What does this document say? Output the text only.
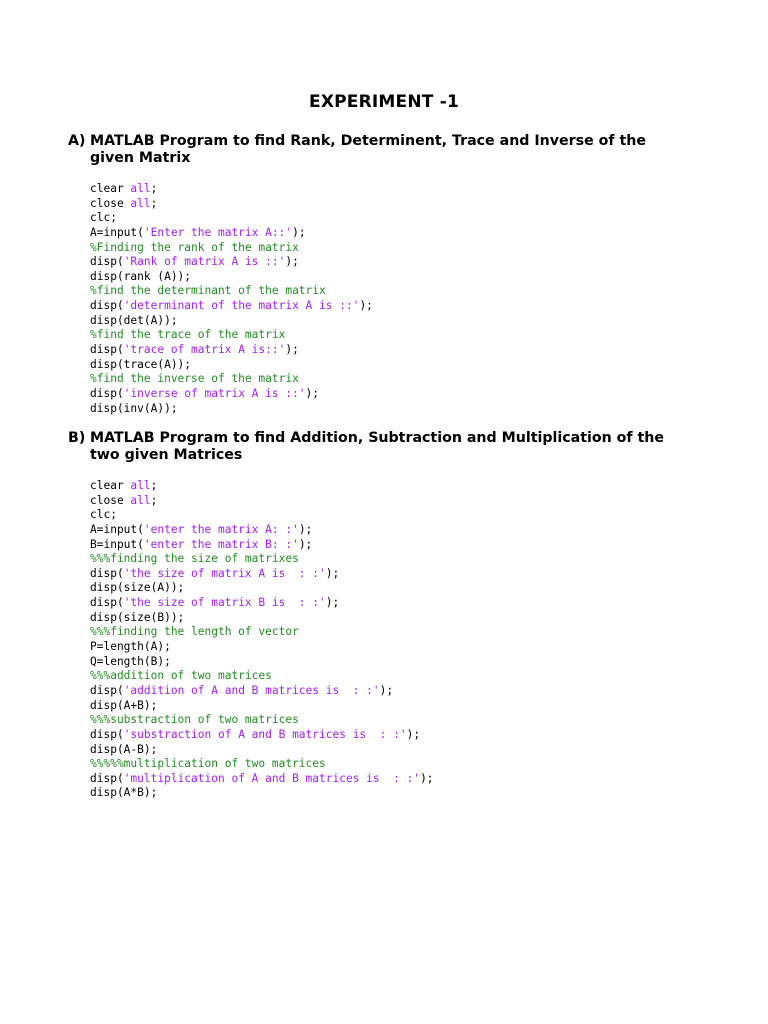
EXPERIMENT -1
A) MATLAB Program to find Rank, Determinent, Trace and Inverse of the
given Matrix
clear all;
close all;
clc;
A=input('Enter the matrix A::');
%Finding the rank of the matrix
disp('Rank of matrix A is ::');
disp(rank (A));
%find the determinant of the matrix
disp('determinant of the matrix A is ::');
disp(det(A));
%find the trace of the matrix
disp('trace of matrix A is::');
disp(trace(A));
%find the inverse of the matrix
disp('inverse of matrix A is ::');
disp(inv(A));
B) MATLAB Program to find Addition, Subtraction and Multiplication of the
two given Matrices
clear all;
close all;
clc;
A=input('enter the matrix A: :');
B=input('enter the matrix B: :');
%%%finding the size of matrixes
disp('the size of matrix A is  : :');
disp(size(A));
disp('the size of matrix B is  : :');
disp(size(B));
%%%finding the length of vector
P=length(A);
Q=length(B);
%%%addition of two matrices
disp('addition of A and B matrices is  : :');
disp(A+B);
%%%substraction of two matrices
disp('substraction of A and B matrices is  : :');
disp(A-B);
%%%%%multiplication of two matrices
disp('multiplication of A and B matrices is  : :');
disp(A*B);
